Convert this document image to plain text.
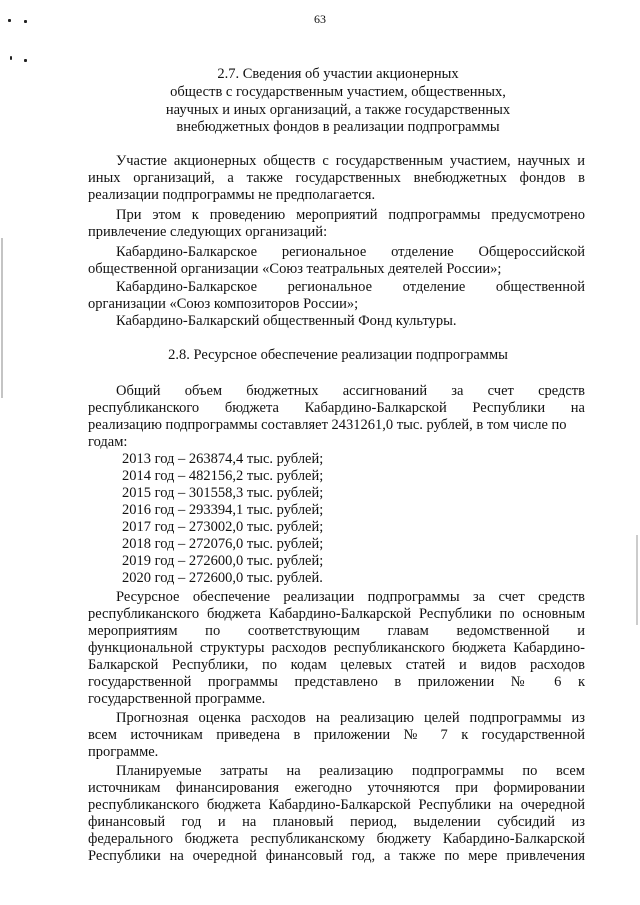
63
2.7. Сведения об участии акционерных
обществ с государственным участием, общественных,
научных и иных организаций, а также государственных
внебюджетных фондов в реализации подпрограммы
Участие акционерных обществ с государственным участием, научных и
иных организаций, а также государственных внебюджетных фондов в
реализации подпрограммы не предполагается.
При этом к проведению мероприятий подпрограммы предусмотрено
привлечение следующих организаций:
Кабардино-Балкарское региональное отделение Общероссийской
общественной организации «Союз театральных деятелей России»;
Кабардино-Балкарское региональное отделение общественной
организации «Союз композиторов России»;
Кабардино-Балкарский общественный Фонд культуры.
2.8. Ресурсное обеспечение реализации подпрограммы
Общий объем бюджетных ассигнований за счет средств
республиканского бюджета Кабардино-Балкарской Республики на
реализацию подпрограммы составляет 2431261,0 тыс. рублей, в том числе по
годам:
2013 год – 263874,4 тыс. рублей;
2014 год – 482156,2 тыс. рублей;
2015 год – 301558,3 тыс. рублей;
2016 год – 293394,1 тыс. рублей;
2017 год – 273002,0 тыс. рублей;
2018 год – 272076,0 тыс. рублей;
2019 год – 272600,0 тыс. рублей;
2020 год – 272600,0 тыс. рублей.
Ресурсное обеспечение реализации подпрограммы за счет средств
республиканского бюджета Кабардино-Балкарской Республики по основным
мероприятиям по соответствующим главам ведомственной и
функциональной структуры расходов республиканского бюджета Кабардино-
Балкарской Республики, по кодам целевых статей и видов расходов
государственной программы представлено в приложении № 6 к
государственной программе.
Прогнозная оценка расходов на реализацию целей подпрограммы из
всем источникам приведена в приложении № 7 к государственной
программе.
Планируемые затраты на реализацию подпрограммы по всем
источникам финансирования ежегодно уточняются при формировании
республиканского бюджета Кабардино-Балкарской Республики на очередной
финансовый год и на плановый период, выделении субсидий из
федерального бюджета республиканскому бюджету Кабардино-Балкарской
Республики на очередной финансовый год, а также по мере привлечения
